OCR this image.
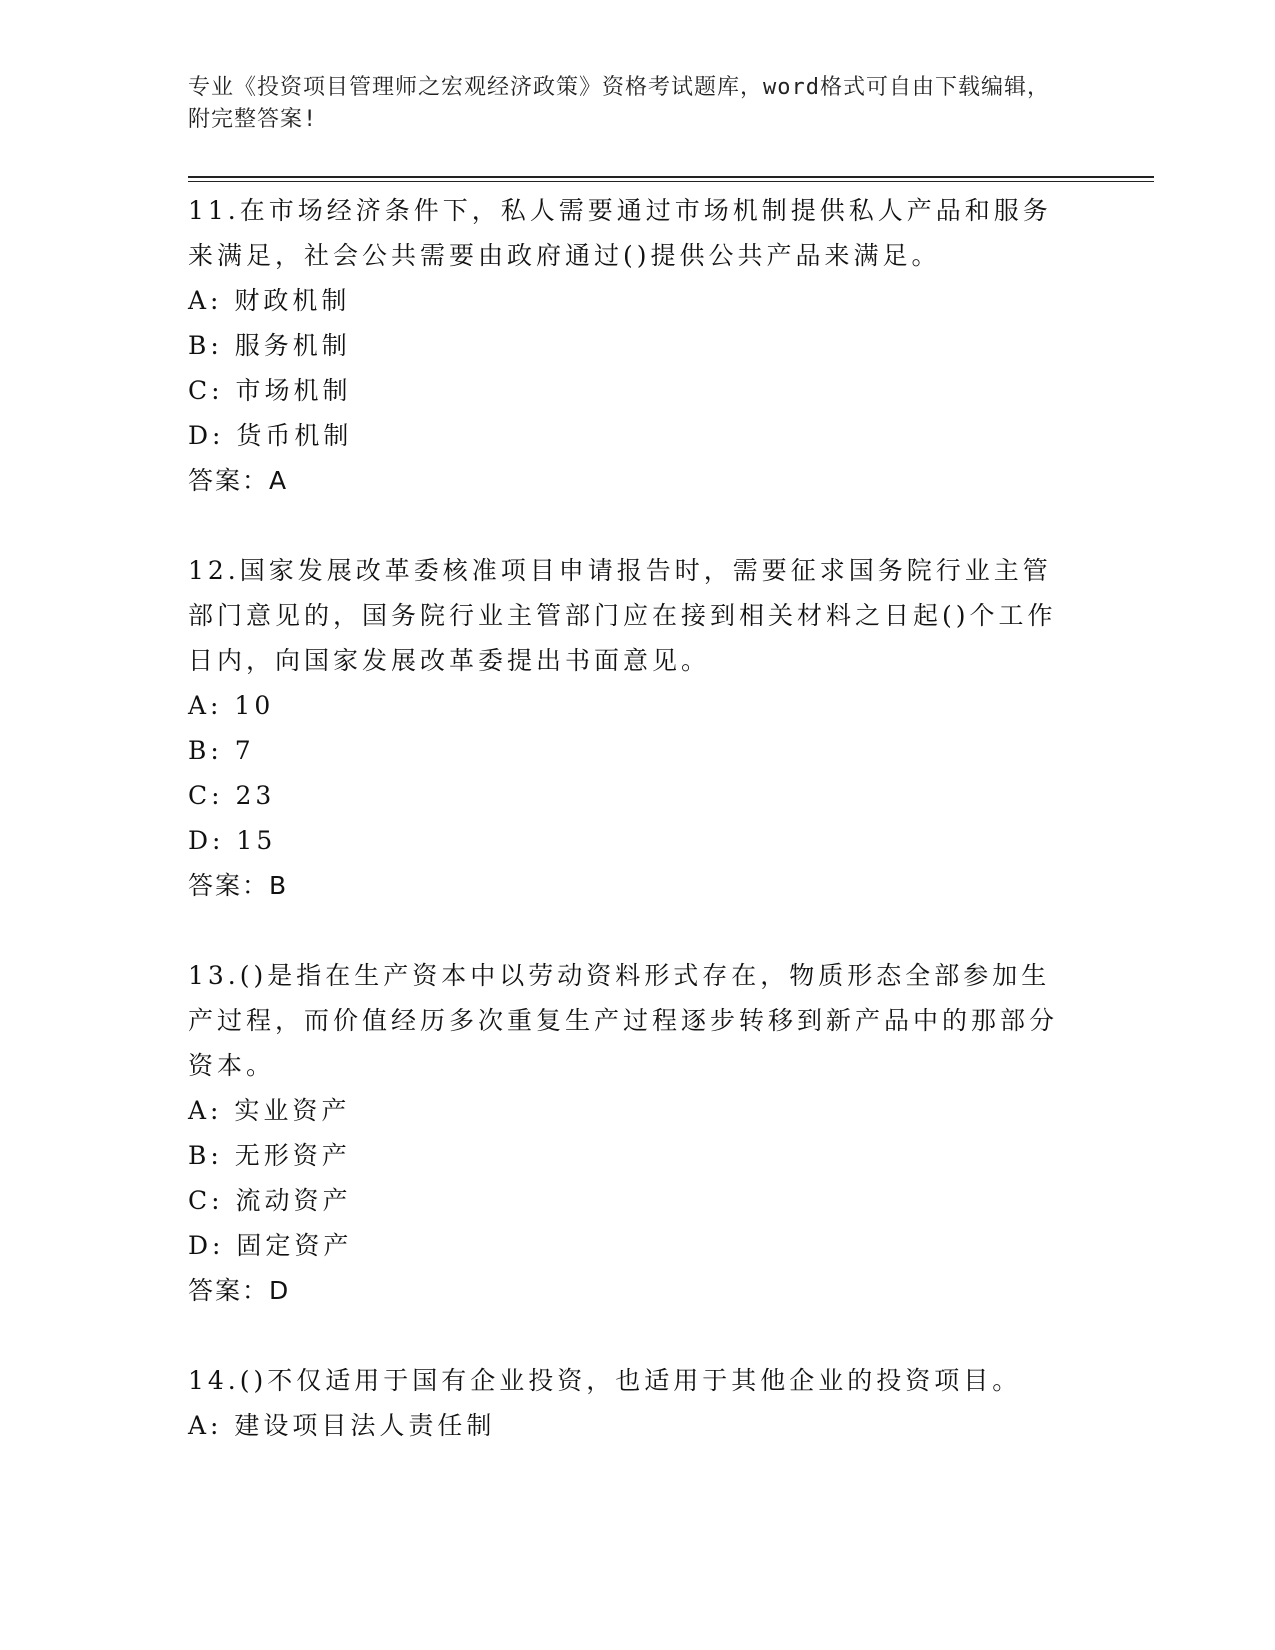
专业《投资项目管理师之宏观经济政策》资格考试题库，word格式可自由下载编辑，附完整答案!

11.在市场经济条件下，私人需要通过市场机制提供私人产品和服务来满足，社会公共需要由政府通过()提供公共产品来满足。

A: 财政机制

B: 服务机制

C: 市场机制

D: 货币机制

答案：A

12.国家发展改革委核准项目申请报告时，需要征求国务院行业主管部门意见的，国务院行业主管部门应在接到相关材料之日起()个工作日内，向国家发展改革委提出书面意见。

A: 10

B: 7

C: 23

D: 15

答案：B

13.()是指在生产资本中以劳动资料形式存在，物质形态全部参加生产过程，而价值经历多次重复生产过程逐步转移到新产品中的那部分资本。

A: 实业资产

B: 无形资产

C: 流动资产

D: 固定资产

答案：D

14.()不仅适用于国有企业投资，也适用于其他企业的投资项目。

A: 建设项目法人责任制
